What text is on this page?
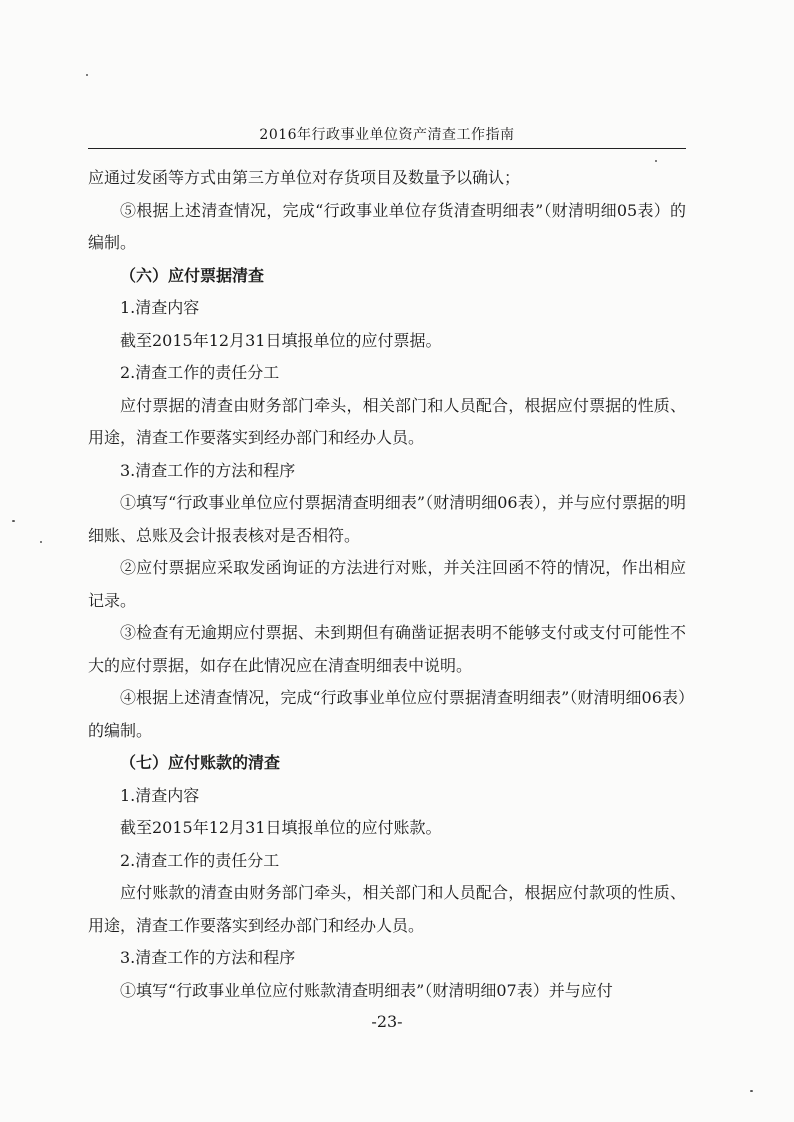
2016年行政事业单位资产清查工作指南

应通过发函等方式由第三方单位对存货项目及数量予以确认；

⑤根据上述清查情况，完成“行政事业单位存货清查明细表”（财清明细05表）的编制。

（六）应付票据清查

1.清查内容

截至2015年12月31日填报单位的应付票据。

2.清查工作的责任分工

应付票据的清查由财务部门牵头，相关部门和人员配合，根据应付票据的性质、用途，清查工作要落实到经办部门和经办人员。

3.清查工作的方法和程序

①填写“行政事业单位应付票据清查明细表”（财清明细06表），并与应付票据的明细账、总账及会计报表核对是否相符。

②应付票据应采取发函询证的方法进行对账，并关注回函不符的情况，作出相应记录。

③检查有无逾期应付票据、未到期但有确凿证据表明不能够支付或支付可能性不大的应付票据，如存在此情况应在清查明细表中说明。

④根据上述清查情况，完成“行政事业单位应付票据清查明细表”（财清明细06表）的编制。

（七）应付账款的清查

1.清查内容

截至2015年12月31日填报单位的应付账款。

2.清查工作的责任分工

应付账款的清查由财务部门牵头，相关部门和人员配合，根据应付款项的性质、用途，清查工作要落实到经办部门和经办人员。

3.清查工作的方法和程序

①填写“行政事业单位应付账款清查明细表”（财清明细07表）并与应付

-23-
